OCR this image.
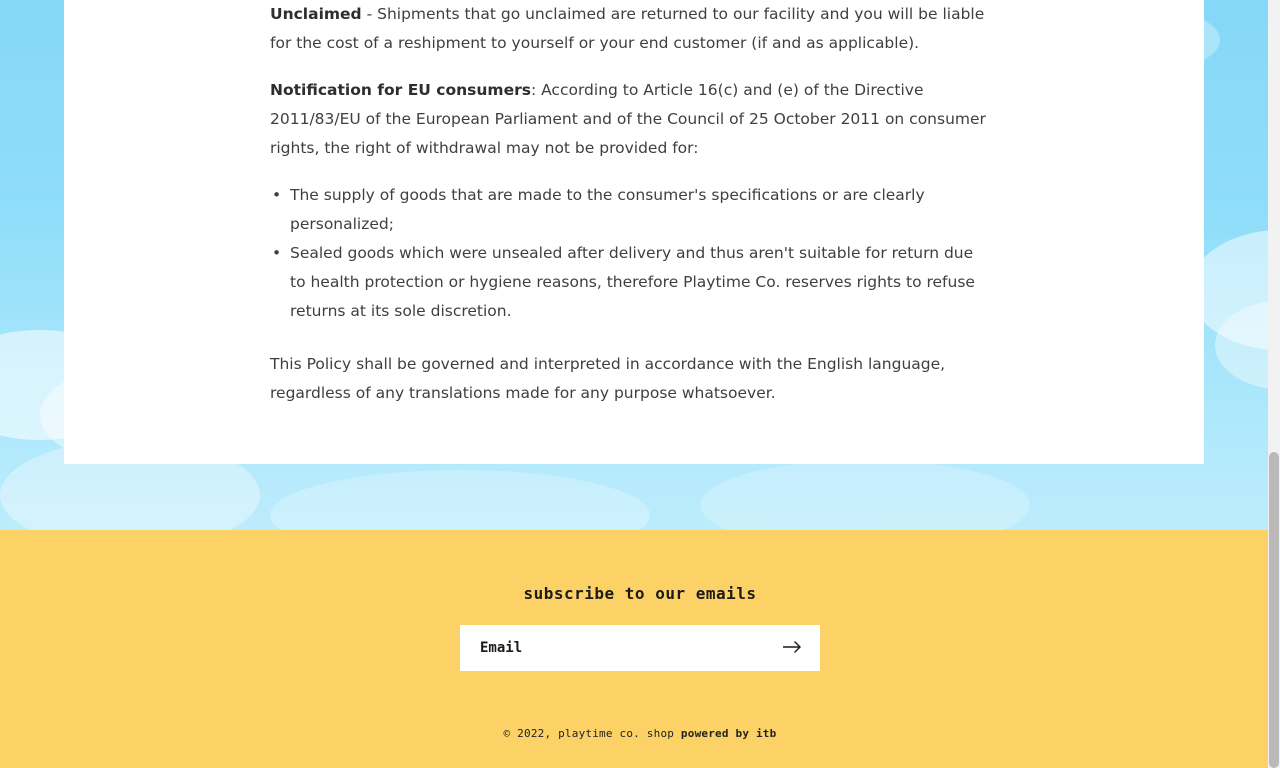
Unclaimed - Shipments that go unclaimed are returned to our facility and you will be liable for the cost of a reshipment to yourself or your end customer (if and as applicable).

Notification for EU consumers: According to Article 16(c) and (e) of the Directive 2011/83/EU of the European Parliament and of the Council of 25 October 2011 on consumer rights, the right of withdrawal may not be provided for:

• The supply of goods that are made to the consumer's specifications or are clearly personalized;
• Sealed goods which were unsealed after delivery and thus aren't suitable for return due to health protection or hygiene reasons, therefore Playtime Co. reserves rights to refuse returns at its sole discretion.

This Policy shall be governed and interpreted in accordance with the English language, regardless of any translations made for any purpose whatsoever.

subscribe to our emails
Email
© 2022, playtime co. shop powered by itb
